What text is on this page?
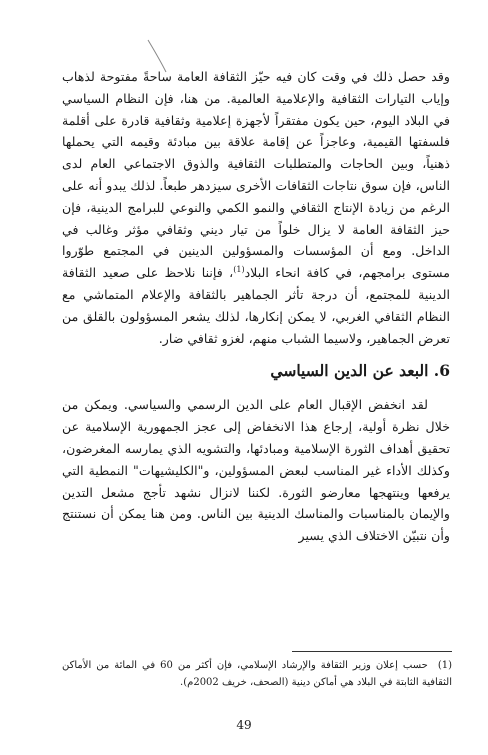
وقد حصل ذلك في وقت كان فيه حيّز الثقافة العامة ساحةً مفتوحة لذهاب وإياب التيارات الثقافية والإعلامية العالمية. من هنا، فإن النظام السياسي في البلاد اليوم، حين يكون مفتقراً لأجهزة إعلامية وثقافية قادرة على أقلمة فلسفتها القيمية، وعاجزاً عن إقامة علاقة بين مبادئة وقيمه التي يحملها ذهنياً، وبين الحاجات والمتطلبات الثقافية والذوق الاجتماعي العام لدى الناس، فإن سوق نتاجات الثقافات الأخرى سيزدهر طبعاً. لذلك يبدو أنه على الرغم من زيادة الإنتاج الثقافي والنمو الكمي والنوعي للبرامج الدينية، فإن حيز الثقافة العامة لا يزال خلواً من تيار ديني وثقافي مؤثر وغالب في الداخل. ومع أن المؤسسات والمسؤولين الدينين في المجتمع طوّروا مستوى برامجهم، في كافة انحاء البلاد$^{(1)}$، فإننا نلاحظ على صعيد الثقافة الدينية للمجتمع، أن درجة تأثر الجماهير بالثقافة والإعلام المتماشي مع النظام الثقافي الغربي، لا يمكن إنكارها، لذلك يشعر المسؤولون بالقلق من تعرض الجماهير، ولاسيما الشباب منهم، لغزو ثقافي ضار.

6. البعد عن الدين السياسي

لقد انخفض الإقبال العام على الدين الرسمي والسياسي. ويمكن من خلال نظرة أولية، إرجاع هذا الانخفاض إلى عجز الجمهورية الإسلامية عن تحقيق أهداف الثورة الإسلامية ومبادئها، والتشويه الذي يمارسه المغرضون، وكذلك الأداء غير المناسب لبعض المسؤولين، و"الكليشيهات" النمطية التي يرفعها وينتهجها معارضو الثورة. لكننا لانزال نشهد تأجج مشعل التدين والإيمان بالمناسبات والمناسك الدينية بين الناس. ومن هنا يمكن أن نستنتج وأن نتبيّن الاختلاف الذي يسير

(1)  حسب إعلان وزير الثقافة والإرشاد الإسلامي، فإن أكثر من 60 في المائة من الأماكن الثقافية الثابتة في البلاد هي أماكن دينية (الصحف، خريف 2002م).

49
